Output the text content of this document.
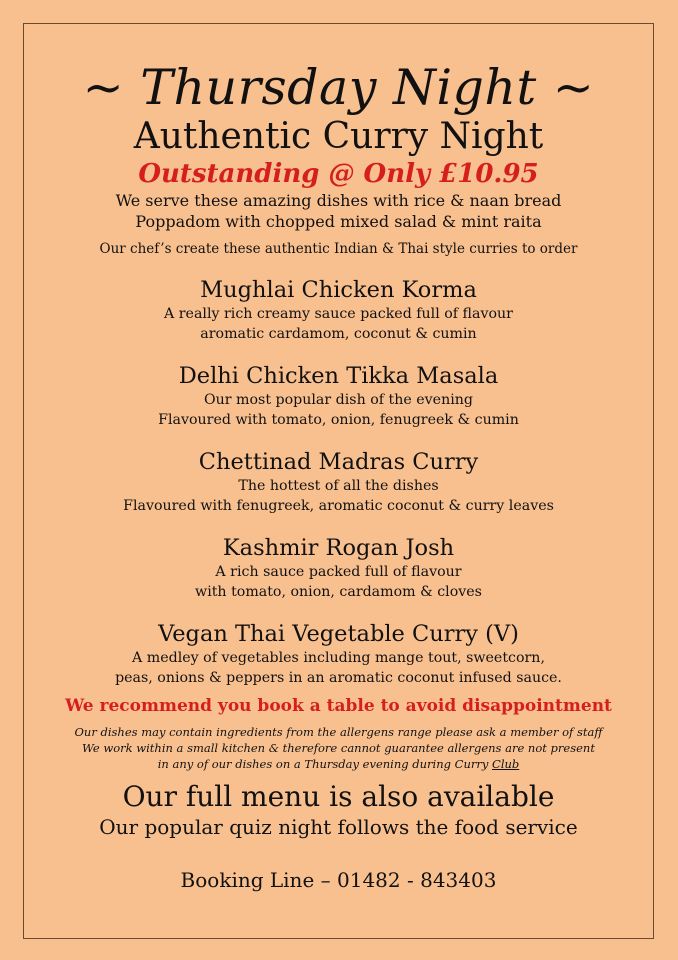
~ Thursday Night ~
Authentic Curry Night
Outstanding @ Only £10.95
We serve these amazing dishes with rice & naan bread
Poppadom with chopped mixed salad & mint raita
Our chef’s create these authentic Indian & Thai style curries to order
Mughlai Chicken Korma
A really rich creamy sauce packed full of flavour
aromatic cardamom, coconut & cumin
Delhi Chicken Tikka Masala
Our most popular dish of the evening
Flavoured with tomato, onion, fenugreek & cumin
Chettinad Madras Curry
The hottest of all the dishes
Flavoured with fenugreek, aromatic coconut & curry leaves
Kashmir Rogan Josh
A rich sauce packed full of flavour
with tomato, onion, cardamom & cloves
Vegan Thai Vegetable Curry (V)
A medley of vegetables including mange tout, sweetcorn,
peas, onions & peppers in an aromatic coconut infused sauce.
We recommend you book a table to avoid disappointment
Our dishes may contain ingredients from the allergens range please ask a member of staff
We work within a small kitchen & therefore cannot guarantee allergens are not present
in any of our dishes on a Thursday evening during Curry Club
Our full menu is also available
Our popular quiz night follows the food service
Booking Line – 01482 - 843403
